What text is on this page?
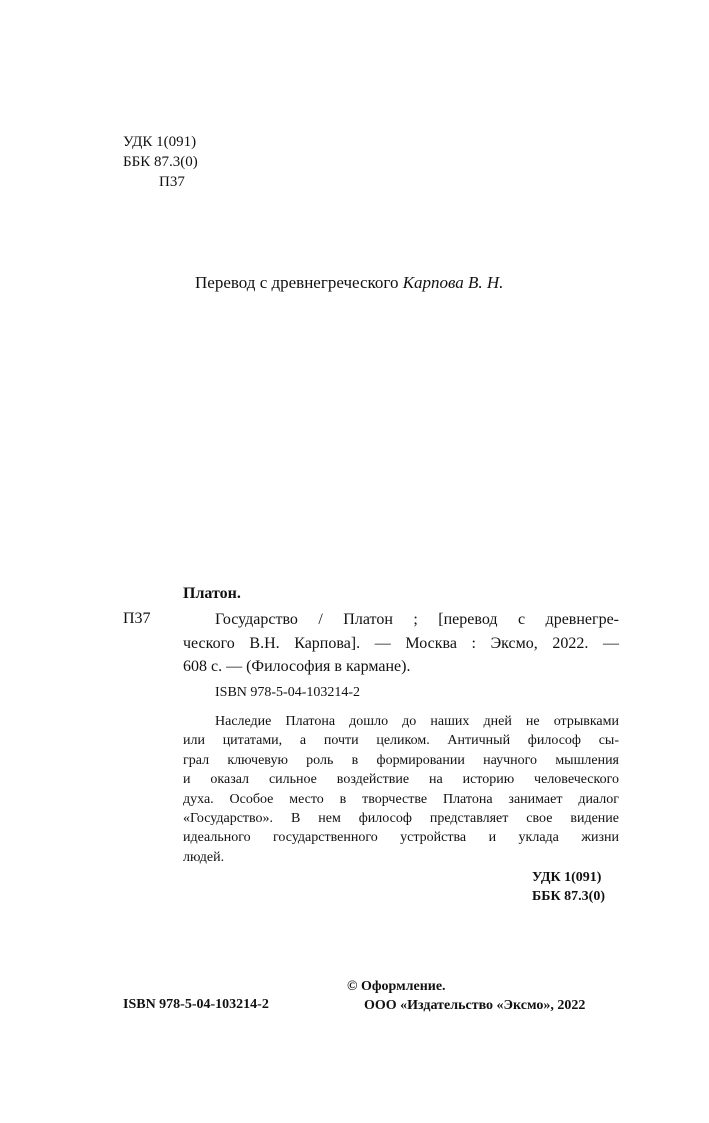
УДК 1(091)
ББК 87.3(0)
П37
Перевод с древнегреческого Карпова В. Н.
Платон.
П37	Государство / Платон ; [перевод с древнегре-
ческого В.Н. Карпова]. — Москва : Эксмо, 2022. —
608 с. — (Философия в кармане).
ISBN 978-5-04-103214-2
Наследие Платона дошло до наших дней не отрывками
или цитатами, а почти целиком. Античный философ сы-
грал ключевую роль в формировании научного мышления
и оказал сильное воздействие на историю человеческого
духа. Особое место в творчестве Платона занимает диалог
«Государство». В нем философ представляет свое видение
идеального государственного устройства и уклада жизни
людей.
УДК 1(091)
ББК 87.3(0)
ISBN 978-5-04-103214-2
© Оформление.
ООО «Издательство «Эксмо», 2022
